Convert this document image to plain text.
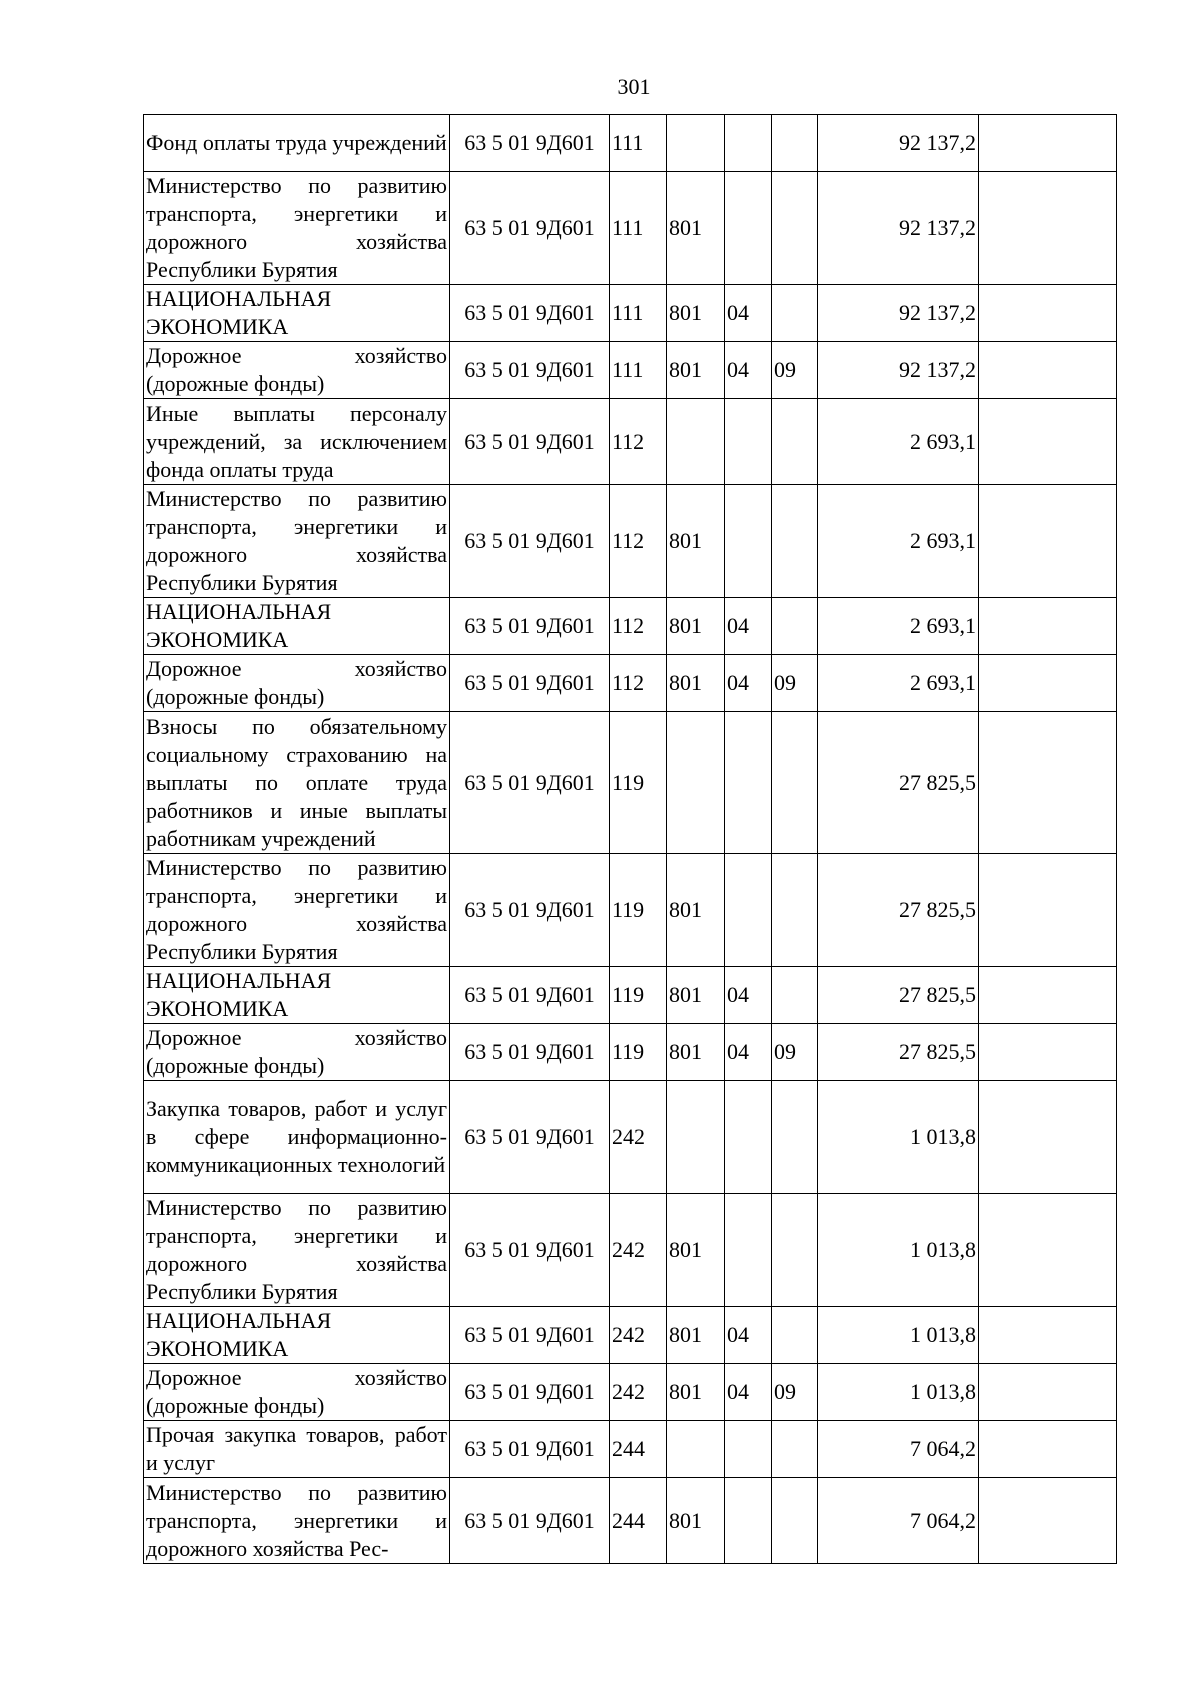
301
Фонд оплаты труда учреждений	63 5 01 9Д601	111				92 137,2	
Министерство по развитию транспорта, энергетики и дорожного хозяйства Республики Бурятия	63 5 01 9Д601	111	801			92 137,2	
НАЦИОНАЛЬНАЯ ЭКОНОМИКА	63 5 01 9Д601	111	801	04		92 137,2	
Дорожное хозяйство (дорожные фонды)	63 5 01 9Д601	111	801	04	09	92 137,2	
Иные выплаты персоналу учреждений, за исключением фонда оплаты труда	63 5 01 9Д601	112				2 693,1	
Министерство по развитию транспорта, энергетики и дорожного хозяйства Республики Бурятия	63 5 01 9Д601	112	801			2 693,1	
НАЦИОНАЛЬНАЯ ЭКОНОМИКА	63 5 01 9Д601	112	801	04		2 693,1	
Дорожное хозяйство (дорожные фонды)	63 5 01 9Д601	112	801	04	09	2 693,1	
Взносы по обязательному социальному страхованию на выплаты по оплате труда работников и иные выплаты работникам учреждений	63 5 01 9Д601	119				27 825,5	
Министерство по развитию транспорта, энергетики и дорожного хозяйства Республики Бурятия	63 5 01 9Д601	119	801			27 825,5	
НАЦИОНАЛЬНАЯ ЭКОНОМИКА	63 5 01 9Д601	119	801	04		27 825,5	
Дорожное хозяйство (дорожные фонды)	63 5 01 9Д601	119	801	04	09	27 825,5	
Закупка товаров, работ и услуг в сфере информационно-коммуникационных технологий	63 5 01 9Д601	242				1 013,8	
Министерство по развитию транспорта, энергетики и дорожного хозяйства Республики Бурятия	63 5 01 9Д601	242	801			1 013,8	
НАЦИОНАЛЬНАЯ ЭКОНОМИКА	63 5 01 9Д601	242	801	04		1 013,8	
Дорожное хозяйство (дорожные фонды)	63 5 01 9Д601	242	801	04	09	1 013,8	
Прочая закупка товаров, работ и услуг	63 5 01 9Д601	244				7 064,2	
Министерство по развитию транспорта, энергетики и дорожного хозяйства Рес-	63 5 01 9Д601	244	801			7 064,2	
